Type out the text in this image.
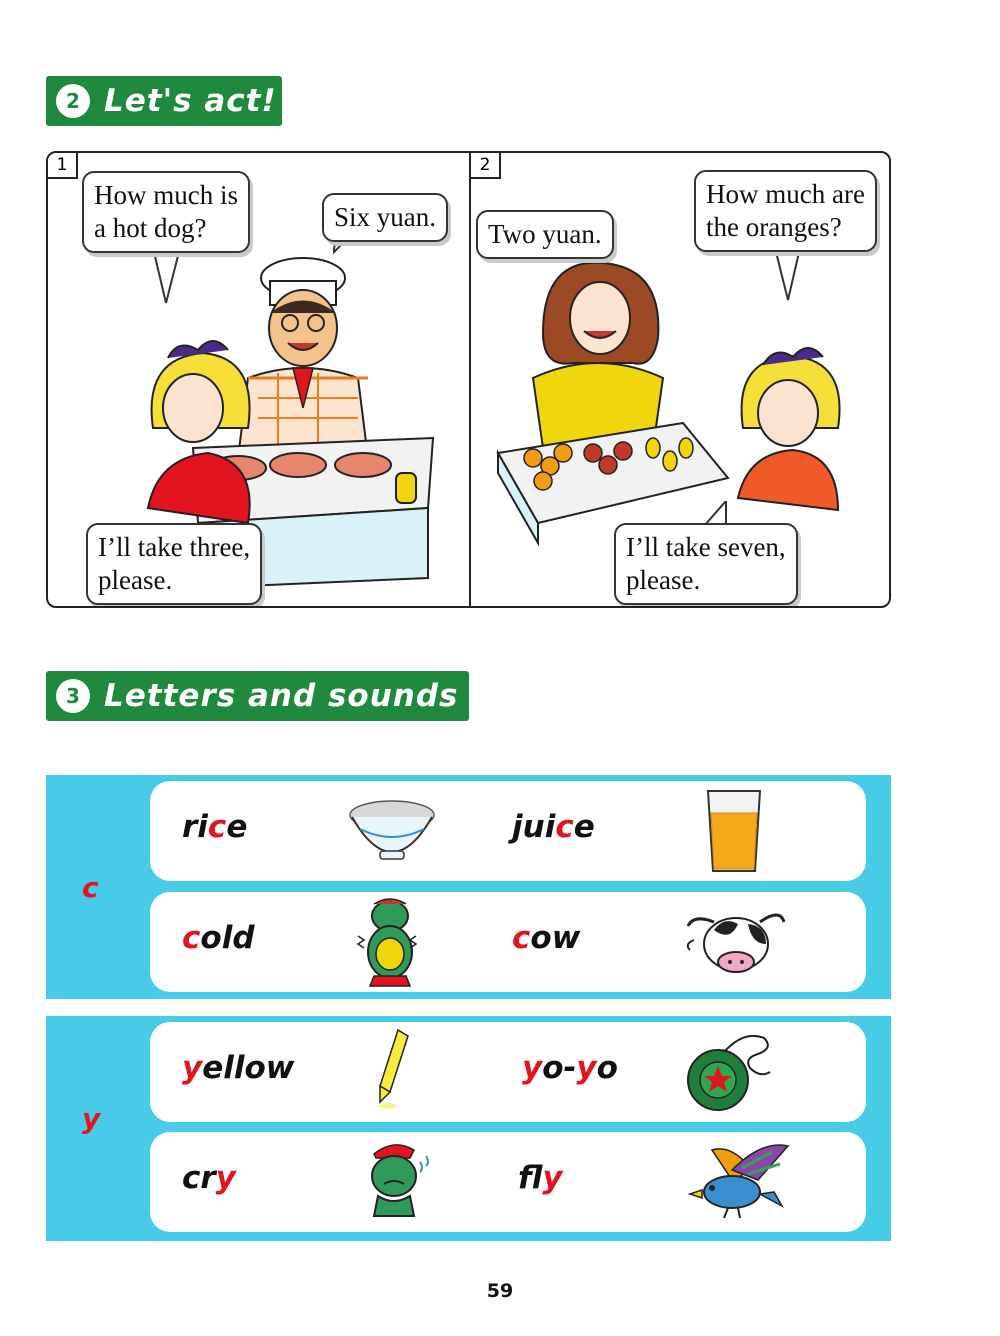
2 Let's act!
1
How much is
a hot dog?	Six yuan.
I’ll take three,
please.
2
Two yuan.
How much are
the oranges?
I’ll take seven,
please.
3 Letters and sounds
c
rice	juice
cold	cow
y
yellow	yo-yo
cry	fly
59
